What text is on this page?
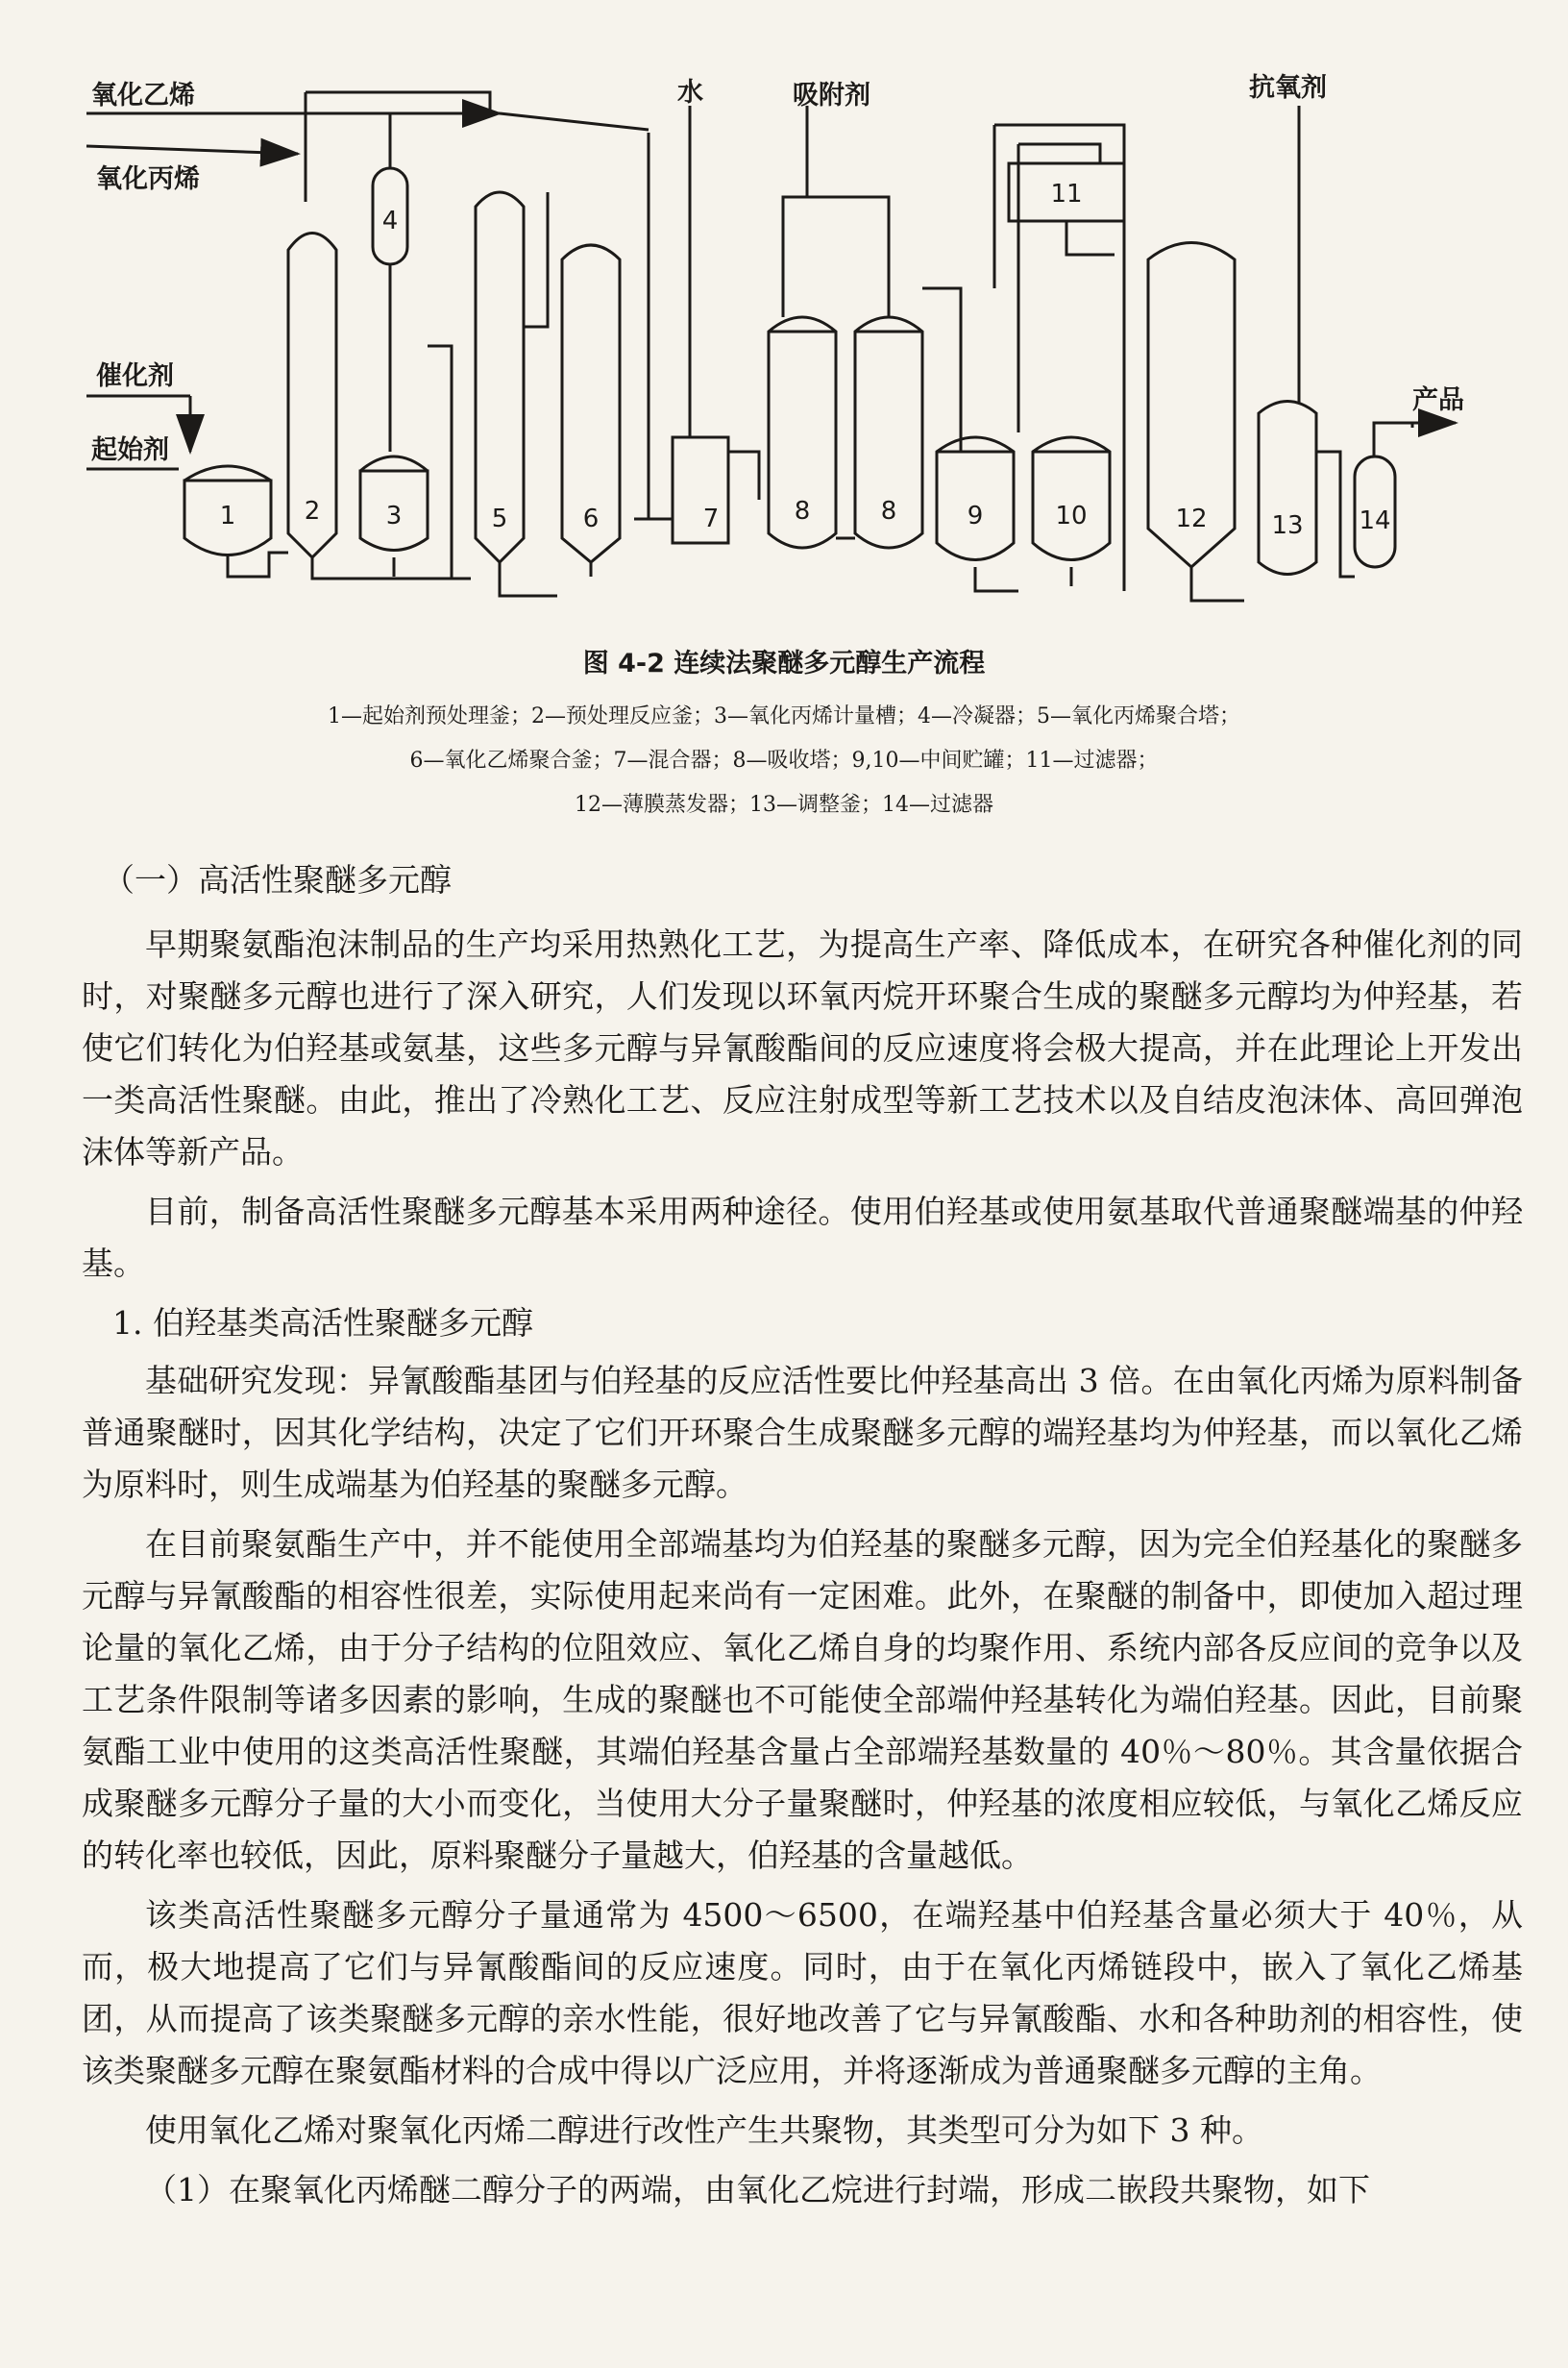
氧化乙烯
氧化丙烯
催化剂
起始剂
水	吸附剂	抗氧剂
产品
1	2	3
4
5	6	7	8	8	9	10
11
12	13 14
图 4-2 连续法聚醚多元醇生产流程
1—起始剂预处理釜；2—预处理反应釜；3—氧化丙烯计量槽；4—冷凝器；5—氧化丙烯聚合塔；
6—氧化乙烯聚合釜；7—混合器；8—吸收塔；9,10—中间贮罐；11—过滤器；
12—薄膜蒸发器；13—调整釜；14—过滤器
（一）高活性聚醚多元醇

早期聚氨酯泡沫制品的生产均采用热熟化工艺，为提高生产率、降低成本，在研究各种催化剂的同时，对聚醚多元醇也进行了深入研究，人们发现以环氧丙烷开环聚合生成的聚醚多元醇均为仲羟基，若使它们转化为伯羟基或氨基，这些多元醇与异氰酸酯间的反应速度将会极大提高，并在此理论上开发出一类高活性聚醚。由此，推出了冷熟化工艺、反应注射成型等新工艺技术以及自结皮泡沫体、高回弹泡沫体等新产品。

目前，制备高活性聚醚多元醇基本采用两种途径。使用伯羟基或使用氨基取代普通聚醚端基的仲羟基。

1. 伯羟基类高活性聚醚多元醇

基础研究发现：异氰酸酯基团与伯羟基的反应活性要比仲羟基高出 3 倍。在由氧化丙烯为原料制备普通聚醚时，因其化学结构，决定了它们开环聚合生成聚醚多元醇的端羟基均为仲羟基，而以氧化乙烯为原料时，则生成端基为伯羟基的聚醚多元醇。

在目前聚氨酯生产中，并不能使用全部端基均为伯羟基的聚醚多元醇，因为完全伯羟基化的聚醚多元醇与异氰酸酯的相容性很差，实际使用起来尚有一定困难。此外，在聚醚的制备中，即使加入超过理论量的氧化乙烯，由于分子结构的位阻效应、氧化乙烯自身的均聚作用、系统内部各反应间的竞争以及工艺条件限制等诸多因素的影响，生成的聚醚也不可能使全部端仲羟基转化为端伯羟基。因此，目前聚氨酯工业中使用的这类高活性聚醚，其端伯羟基含量占全部端羟基数量的 40％～80％。其含量依据合成聚醚多元醇分子量的大小而变化，当使用大分子量聚醚时，仲羟基的浓度相应较低，与氧化乙烯反应的转化率也较低，因此，原料聚醚分子量越大，伯羟基的含量越低。

该类高活性聚醚多元醇分子量通常为 4500～6500，在端羟基中伯羟基含量必须大于 40％，从而，极大地提高了它们与异氰酸酯间的反应速度。同时，由于在氧化丙烯链段中，嵌入了氧化乙烯基团，从而提高了该类聚醚多元醇的亲水性能，很好地改善了它与异氰酸酯、水和各种助剂的相容性，使该类聚醚多元醇在聚氨酯材料的合成中得以广泛应用，并将逐渐成为普通聚醚多元醇的主角。

使用氧化乙烯对聚氧化丙烯二醇进行改性产生共聚物，其类型可分为如下 3 种。

（1）在聚氧化丙烯醚二醇分子的两端，由氧化乙烷进行封端，形成二嵌段共聚物，如下
